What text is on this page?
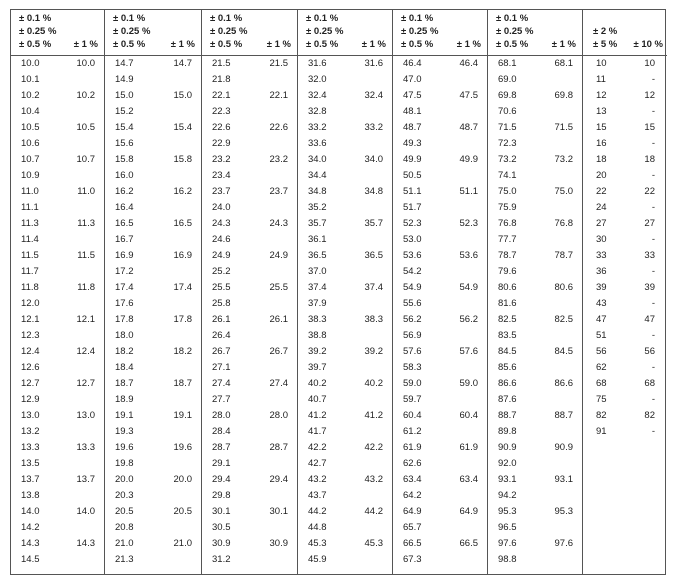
± 0.1 %
± 0.25 %
± 0.5 % ± 1 %
10.0
10.1
10.2
10.4
10.5
10.6
10.7
10.9
11.0
11.1
11.3
11.4
11.5
11.7
11.8
12.0
12.1
12.3
12.4
12.6
12.7
12.9
13.0
13.2
13.3
13.5
13.7
13.8
14.0
14.2
14.3
14.5
10.0
10.2
10.5
10.7
11.0
11.3
11.5
11.8
12.1
12.4
12.7
13.0
13.3
13.7
14.0
14.3
± 0.1 %
± 0.25 %
± 0.5 %	± 1 %
14.7
14.9
15.0
15.2
15.4
15.6
15.8
16.0
16.2
16.4
16.5
16.7
16.9
17.2
17.4
17.6
17.8
18.0
18.2
18.4
18.7
18.9
19.1
19.3
19.6
19.8
20.0
20.3
20.5
20.8
21.0
21.3
14.7
15.0
15.4
15.8
16.2
16.5
16.9
17.4
17.8
18.2
18.7
19.1
19.6
20.0
20.5
21.0
± 0.1 %
± 0.25 %
± 0.5 %	± 1 %
21.5
21.8
22.1
22.3
22.6
22.9
23.2
23.4
23.7
24.0
24.3
24.6
24.9
25.2
25.5
25.8
26.1
26.4
26.7
27.1
27.4
27.7
28.0
28.4
28.7
29.1
29.4
29.8
30.1
30.5
30.9
31.2
21.5
22.1
22.6
23.2
23.7
24.3
24.9
25.5
26.1
26.7
27.4
28.0
28.7
29.4
30.1
30.9
± 0.1 %
± 0.25 %
± 0.5 % ± 1 %
31.6
32.0
32.4
32.8
33.2
33.6
34.0
34.4
34.8
35.2
35.7
36.1
36.5
37.0
37.4
37.9
38.3
38.8
39.2
39.7
40.2
40.7
41.2
41.7
42.2
42.7
43.2
43.7
44.2
44.8
45.3
45.9
31.6
32.4
33.2
34.0
34.8
35.7
36.5
37.4
38.3
39.2
40.2
41.2
42.2
43.2
44.2
45.3
± 0.1 %
± 0.25 %
± 0.5 % ± 1 %
46.4
47.0
47.5
48.1
48.7
49.3
49.9
50.5
51.1
51.7
52.3
53.0
53.6
54.2
54.9
55.6
56.2
56.9
57.6
58.3
59.0
59.7
60.4
61.2
61.9
62.6
63.4
64.2
64.9
65.7
66.5
67.3
46.4
47.5
48.7
49.9
51.1
52.3
53.6
54.9
56.2
57.6
59.0
60.4
61.9
63.4
64.9
66.5
± 0.1 %
± 0.25 %
± 0.5 % ± 1 %
68.1
69.0
69.8
70.6
71.5
72.3
73.2
74.1
75.0
75.9
76.8
77.7
78.7
79.6
80.6
81.6
82.5
83.5
84.5
85.6
86.6
87.6
88.7
89.8
90.9
92.0
93.1
94.2
95.3
96.5
97.6
98.8
68.1
69.8
71.5
73.2
75.0
76.8
78.7
80.6
82.5
84.5
86.6
88.7
90.9
93.1
95.3
97.6
± 2 %
± 5 % ± 10 %
10
11
12
13
15
16
18
20
22
24
27
30
33
36
39
43
47
51
56
62
68
75
82
91
10
-
12
-
15
-
18
-
22
-
27
-
33
-
39
-
47
-
56
-
68
-
82
-
